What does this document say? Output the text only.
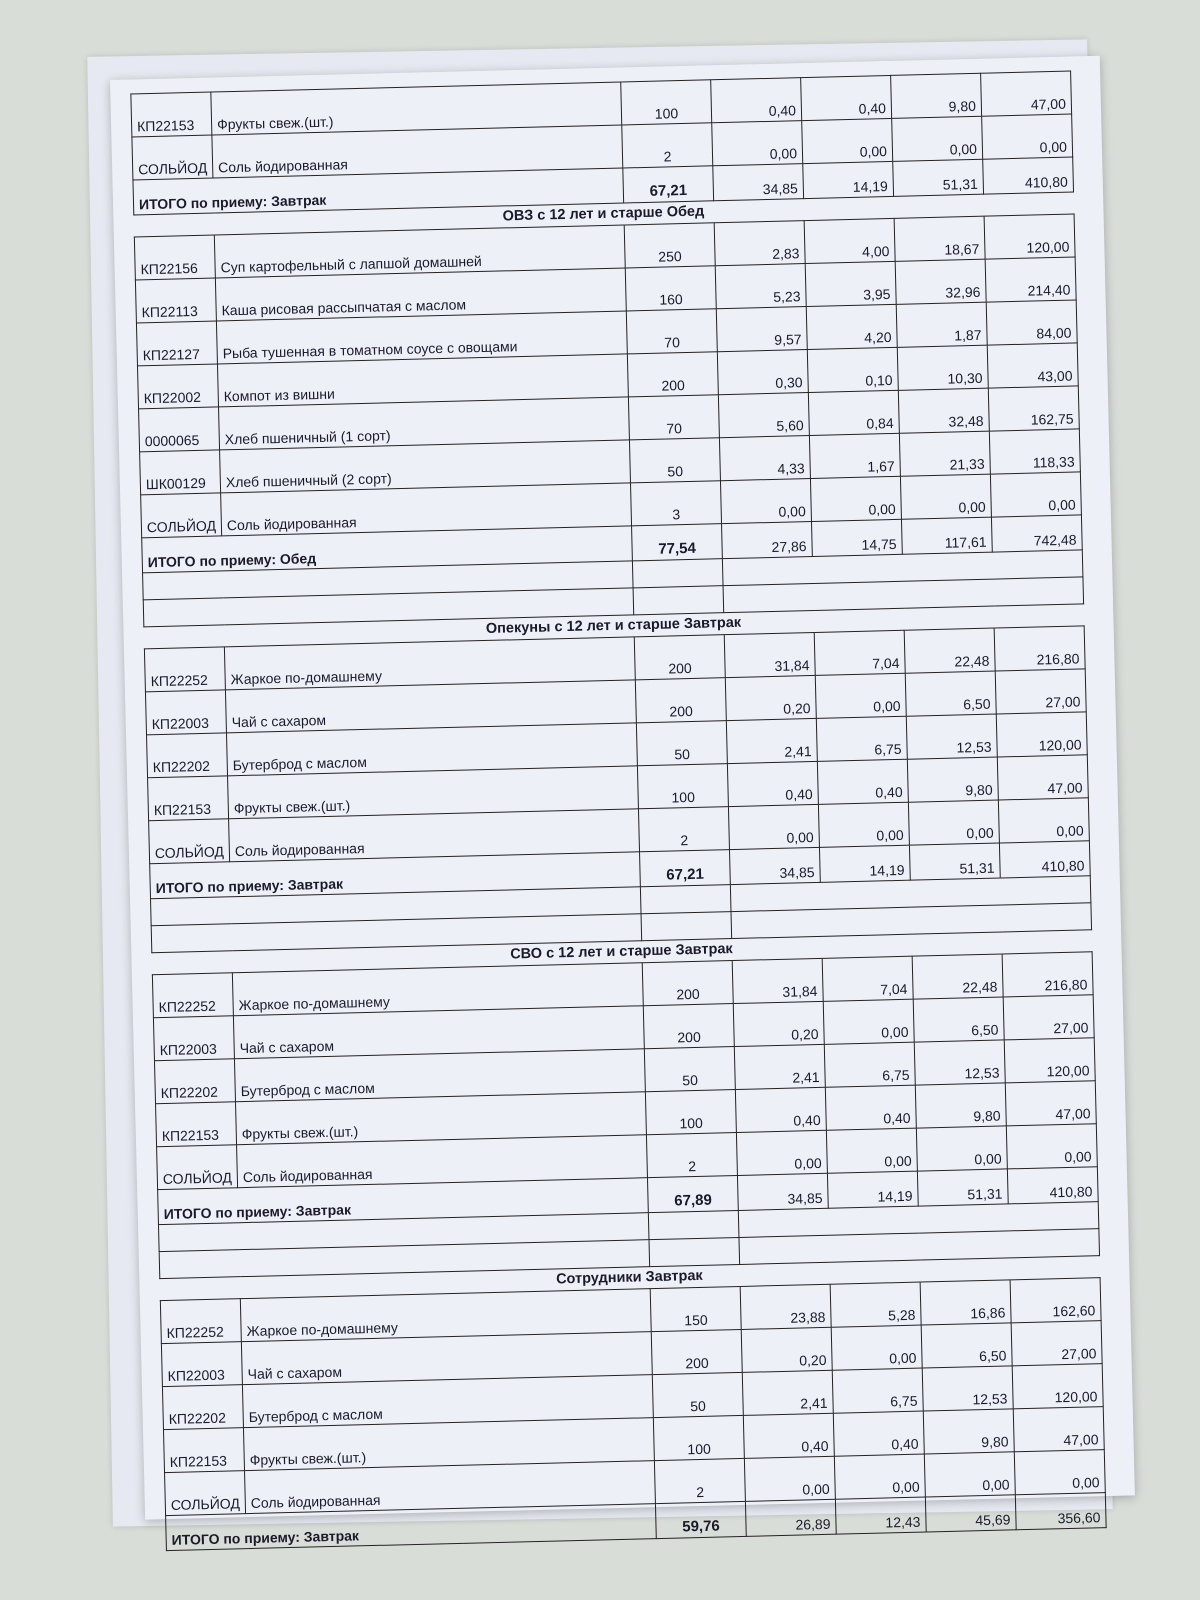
КП22153	Фрукты свеж.(шт.)	100	0,40	0,40	9,80	47,00
СОЛЬЙОД	Соль йодированная	2	0,00	0,00	0,00	0,00
ИТОГО по приему: Завтрак		67,21	34,85	14,19	51,31	410,80
ОВЗ с 12 лет и старше Обед
КП22156	Суп картофельный с лапшой домашней	250	2,83	4,00	18,67	120,00
КП22113	Каша рисовая рассыпчатая с маслом	160	5,23	3,95	32,96	214,40
КП22127	Рыба тушенная в томатном соусе с овощами	70	9,57	4,20	1,87	84,00
КП22002	Компот из вишни	200	0,30	0,10	10,30	43,00
0000065	Хлеб пшеничный (1 сорт)	70	5,60	0,84	32,48	162,75
ШК00129	Хлеб пшеничный (2 сорт)	50	4,33	1,67	21,33	118,33
СОЛЬЙОД	Соль йодированная	3	0,00	0,00	0,00	0,00
ИТОГО по приему: Обед		77,54	27,86	14,75	117,61	742,48

Опекуны с 12 лет и старше Завтрак
КП22252	Жаркое по-домашнему	200	31,84	7,04	22,48	216,80
КП22003	Чай с сахаром	200	0,20	0,00	6,50	27,00
КП22202	Бутерброд с маслом	50	2,41	6,75	12,53	120,00
КП22153	Фрукты свеж.(шт.)	100	0,40	0,40	9,80	47,00
СОЛЬЙОД	Соль йодированная	2	0,00	0,00	0,00	0,00
ИТОГО по приему: Завтрак		67,21	34,85	14,19	51,31	410,80

СВО с 12 лет и старше Завтрак
КП22252	Жаркое по-домашнему	200	31,84	7,04	22,48	216,80
КП22003	Чай с сахаром	200	0,20	0,00	6,50	27,00
КП22202	Бутерброд с маслом	50	2,41	6,75	12,53	120,00
КП22153	Фрукты свеж.(шт.)	100	0,40	0,40	9,80	47,00
СОЛЬЙОД	Соль йодированная	2	0,00	0,00	0,00	0,00
ИТОГО по приему: Завтрак		67,89	34,85	14,19	51,31	410,80

Сотрудники Завтрак
КП22252	Жаркое по-домашнему	150	23,88	5,28	16,86	162,60
КП22003	Чай с сахаром	200	0,20	0,00	6,50	27,00
КП22202	Бутерброд с маслом	50	2,41	6,75	12,53	120,00
КП22153	Фрукты свеж.(шт.)	100	0,40	0,40	9,80	47,00
СОЛЬЙОД	Соль йодированная	2	0,00	0,00	0,00	0,00
ИТОГО по приему: Завтрак		59,76	26,89	12,43	45,69	356,60
